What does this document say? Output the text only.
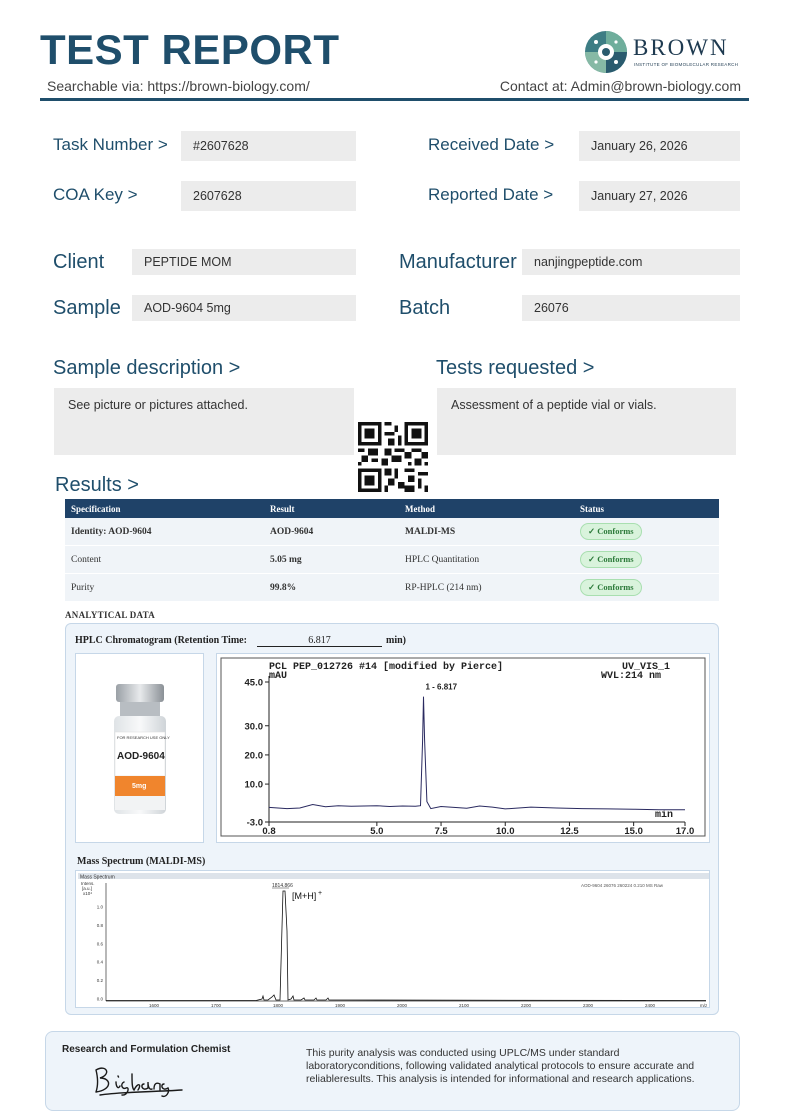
TEST REPORT
Searchable via: https://brown-biology.com/	Contact at: Admin@brown-biology.com
BROWN
INSTITUTE OF BIOMOLECULAR RESEARCH
Task Number >	#2607628	Received Date >	January 26, 2026
COA Key >	2607628	Reported Date >	January 27, 2026
Client	PEPTIDE MOM	Manufacturer	nanjingpeptide.com
Sample	AOD-9604 5mg	Batch	26076
Sample description >
See picture or pictures attached.
Tests requested >
Assessment of a peptide vial or vials.
Results >
Specification	Result	Method	Status
Identity: AOD-9604	AOD-9604	MALDI-MS	✓ Conforms
Content	5.05 mg	HPLC Quantitation	✓ Conforms
Purity	99.8%	RP-HPLC (214 nm)	✓ Conforms
ANALYTICAL DATA
HPLC Chromatogram (Retention Time:	6.817	min)
FOR RESEARCH USE ONLY
AOD-9604
5mg
PCL PEP_012726 #14 [modified by Pierce]	UV_VIS_1
mAU	WVL:214 nm
min
45.0
30.0
20.0
10.0
-3.0
0.8	5.0	7.5	10.0	12.5	15.0	17.0
1 - 6.817
Mass Spectrum (MALDI-MS)
Mass Spectrum
AOD-9604 26076 260224 0.210 MS Raw
Intens.
[a.u.]
x10⁴
1.0
0.8
0.6
0.4
0.2
0.0
1600	1700	1800	1900	2000	2100	2200	2300	2400	m/z
1814.866
[M+H] +
Research and Formulation Chemist	This purity analysis was conducted using UPLC/MS under standard laboratoryconditions, following validated analytical protocols to ensure accurate and reliableresults. This analysis is intended for informational and research applications.
